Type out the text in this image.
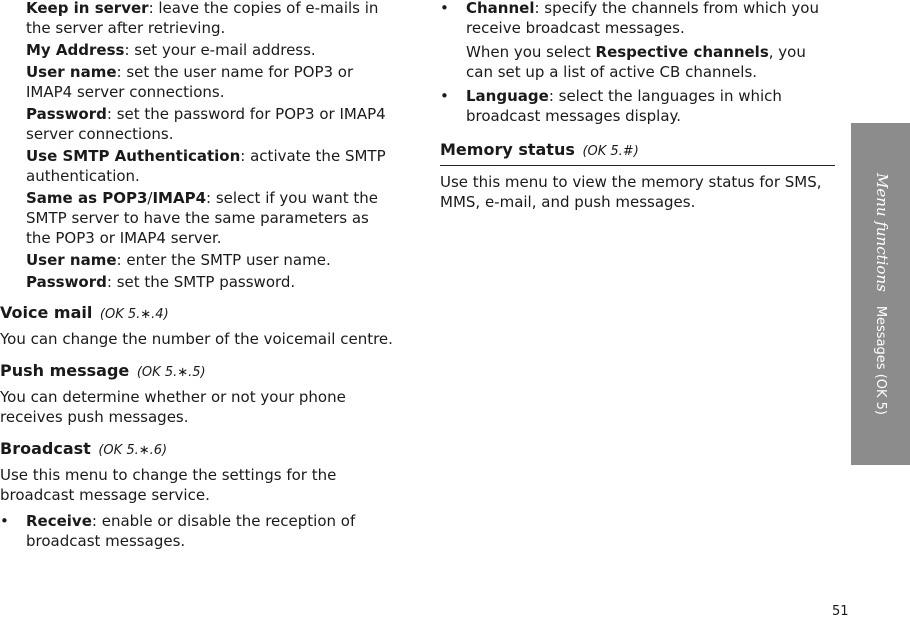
Keep in server: leave the copies of e-mails in the server after retrieving.

My Address: set your e-mail address.

User name: set the user name for POP3 or IMAP4 server connections.

Password: set the password for POP3 or IMAP4 server connections.

Use SMTP Authentication: activate the SMTP authentication.

Same as POP3/IMAP4: select if you want the SMTP server to have the same parameters as the POP3 or IMAP4 server.

User name: enter the SMTP user name.

Password: set the SMTP password.

Voice mail (OK 5.∗.4)

You can change the number of the voicemail centre.

Push message (OK 5.∗.5)

You can determine whether or not your phone receives push messages.

Broadcast (OK 5.∗.6)

Use this menu to change the settings for the broadcast message service.

•	Receive: enable or disable the reception of broadcast messages.
•	Channel: specify the channels from which you receive broadcast messages.

When you select Respective channels, you can set up a list of active CB channels.

•	Language: select the languages in which broadcast messages display.

Memory status (OK 5.#)

Use this menu to view the memory status for SMS, MMS, e-mail, and push messages.	Menu functionsMessages (OK 5)
51
